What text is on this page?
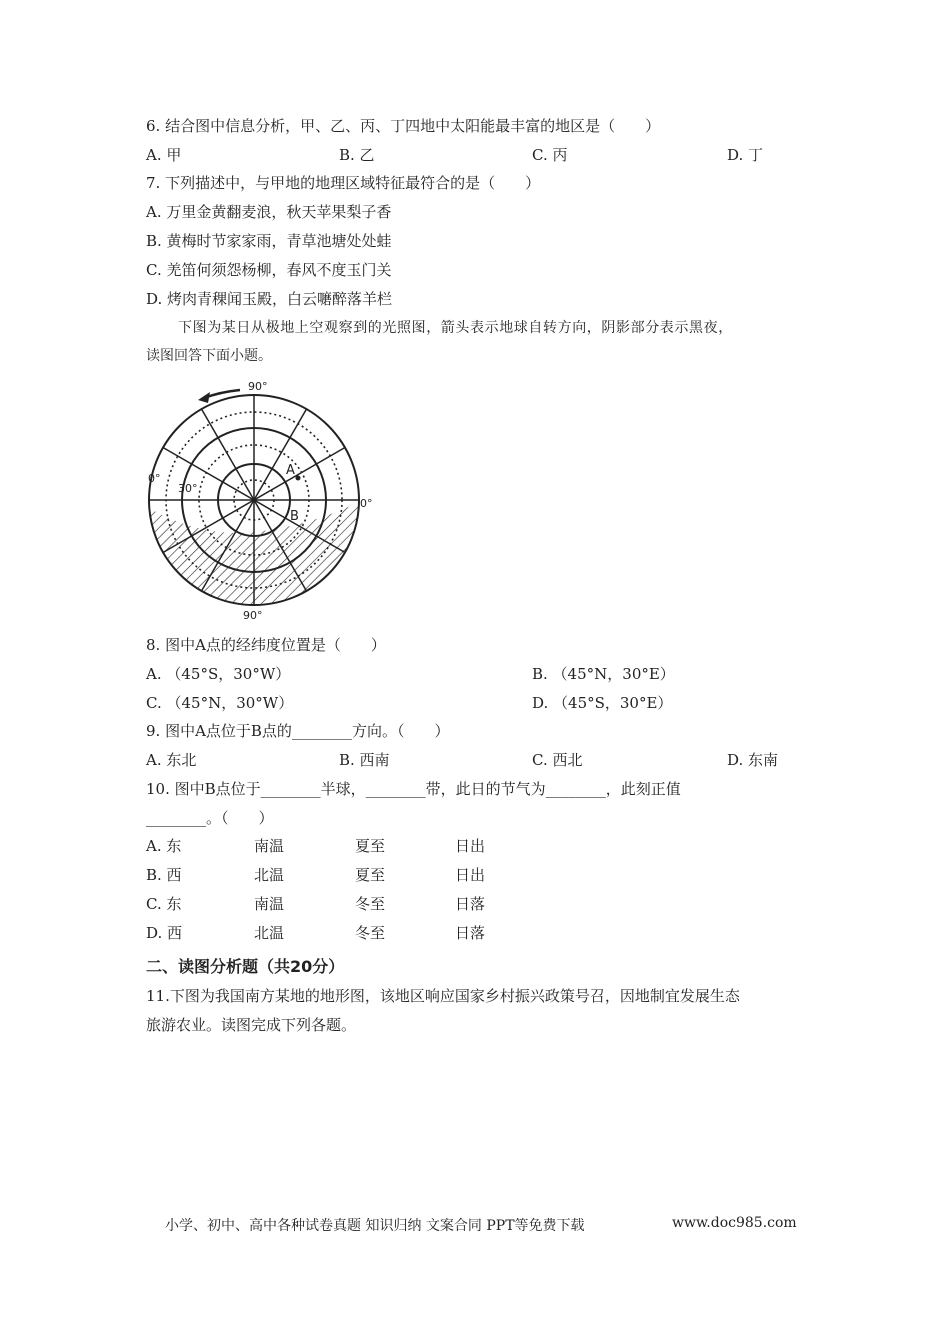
6. 结合图中信息分析，甲、乙、丙、丁四地中太阳能最丰富的地区是（　　）
A. 甲	B. 乙	C. 丙	D. 丁
7. 下列描述中，与甲地的地理区域特征最符合的是（　　）
A. 万里金黄翻麦浪，秋天苹果梨子香
B. 黄梅时节家家雨，青草池塘处处蛙
C. 羌笛何须怨杨柳，春风不度玉门关
D. 烤肉青稞闻玉殿，白云嚰醉落羊栏
下图为某日从极地上空观察到的光照图，箭头表示地球自转方向，阴影部分表示黑夜，
读图回答下面小题。
90°
90°
0°
0°
30°
A
B
8. 图中A点的经纬度位置是（　　）
A. （45°S，30°W）	B. （45°N，30°E）
C. （45°N，30°W）	D. （45°S，30°E）
9. 图中A点位于B点的________方向。（　　）
A. 东北	B. 西南	C. 西北	D. 东南
10. 图中B点位于________半球，________带，此日的节气为________，此刻正值
________。（　　）
A. 东	南温	夏至	日出
B. 西	北温	夏至	日出
C. 东	南温	冬至	日落
D. 西	北温	冬至	日落
二、读图分析题（共20分）
11.下图为我国南方某地的地形图，该地区响应国家乡村振兴政策号召，因地制宜发展生态
旅游农业。读图完成下列各题。
小学、初中、高中各种试卷真题 知识归纳 文案合同 PPT等免费下载	www.doc985.com
